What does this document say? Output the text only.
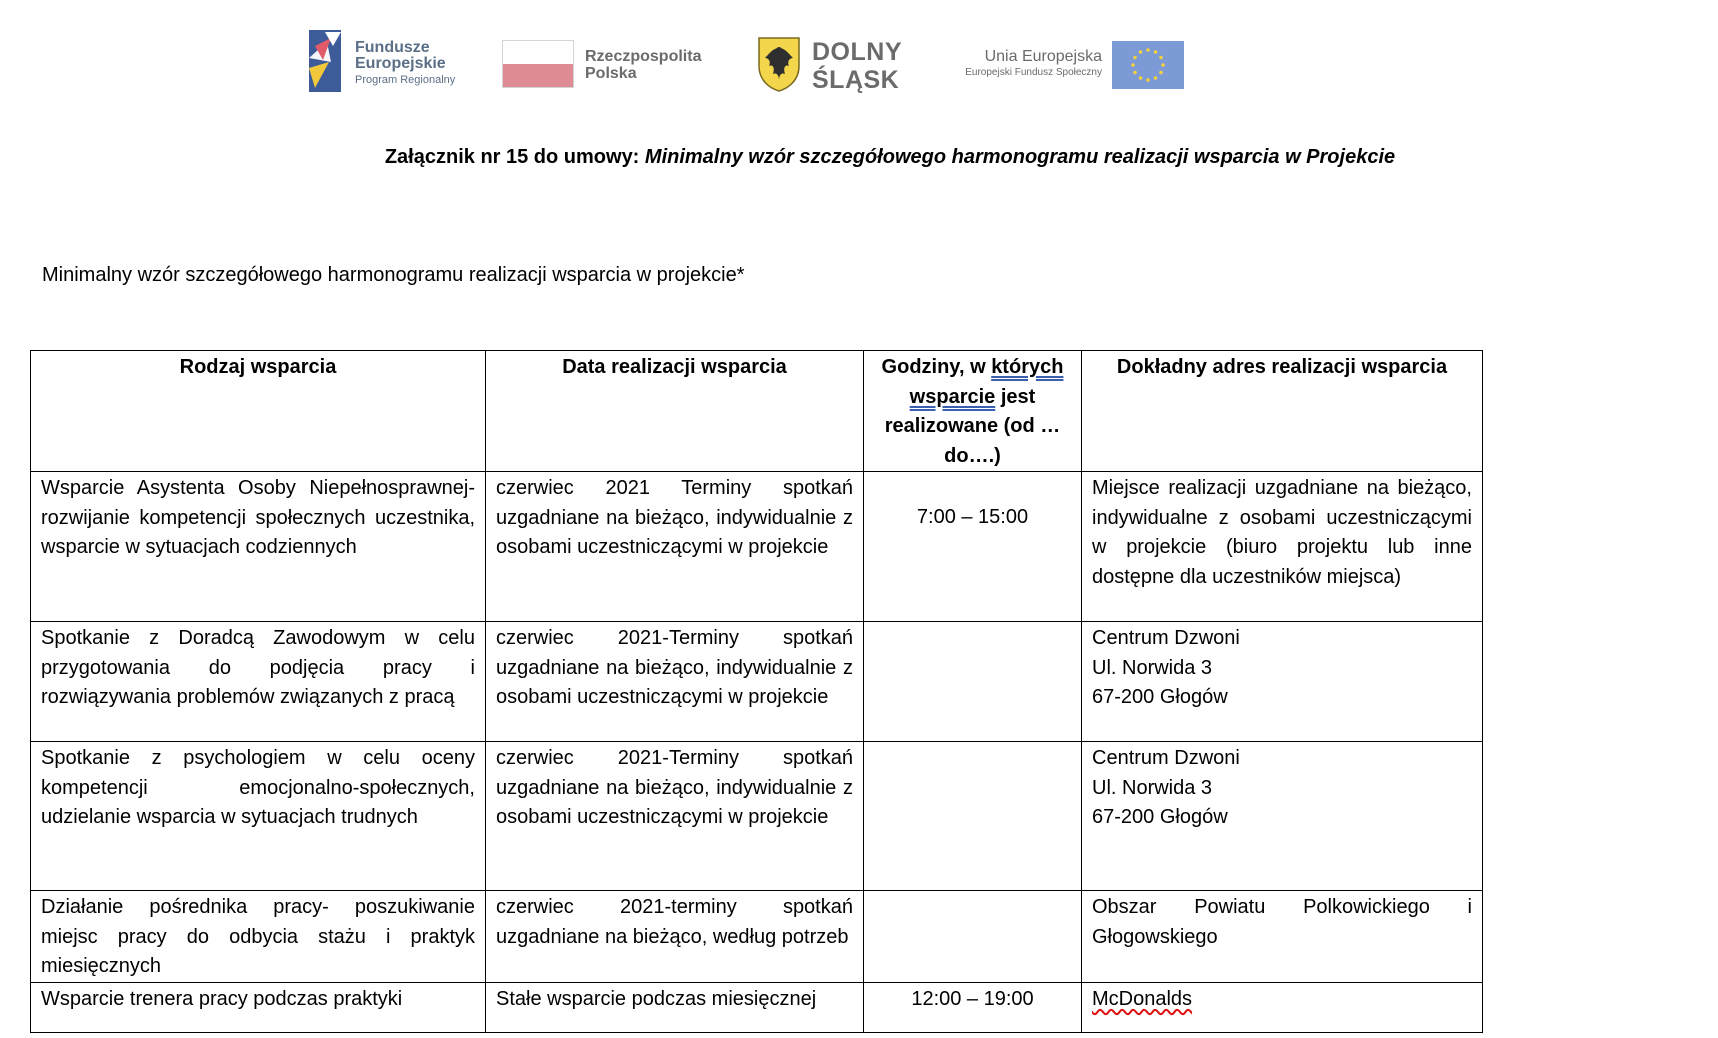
Fundusze
Europejskie
Program Regionalny
Rzeczpospolita
Polska
DOLNY
ŚLĄSK
Unia Europejska
Europejski Fundusz Społeczny
Załącznik nr 15 do umowy: Minimalny wzór szczegółowego harmonogramu realizacji wsparcia w Projekcie
Minimalny wzór szczegółowego harmonogramu realizacji wsparcia w projekcie*
Rodzaj wsparcia	Data realizacji wsparcia	Godziny, w których wsparcie jest realizowane (od … do….)	Dokładny adres realizacji wsparcia
Wsparcie Asystenta Osoby Niepełnosprawnej- rozwijanie kompetencji społecznych uczestnika, wsparcie w sytuacjach codziennych	czerwiec 2021 Terminy spotkań uzgadniane na bieżąco, indywidualnie z osobami uczestniczącymi w projekcie	7:00 – 15:00	Miejsce realizacji uzgadniane na bieżąco, indywidualne z osobami uczestniczącymi w projekcie (biuro projektu lub inne dostępne dla uczestników miejsca)
Spotkanie z Doradcą Zawodowym w celu przygotowania do podjęcia pracy i rozwiązywania problemów związanych z pracą	czerwiec 2021-Terminy spotkań uzgadniane na bieżąco, indywidualnie z osobami uczestniczącymi w projekcie		Centrum Dzwoni
Ul. Norwida 3
67-200 Głogów

Spotkanie z psychologiem w celu oceny kompetencji emocjonalno-społecznych, udzielanie wsparcia w sytuacjach trudnych	czerwiec 2021-Terminy spotkań uzgadniane na bieżąco, indywidualnie z osobami uczestniczącymi w projekcie		Centrum Dzwoni
Ul. Norwida 3
67-200 Głogów

Działanie pośrednika pracy- poszukiwanie miejsc pracy do odbycia stażu i praktyk miesięcznych	czerwiec 2021-terminy spotkań uzgadniane na bieżąco, według potrzeb		Obszar Powiatu Polkowickiego i Głogowskiego
Wsparcie trenera pracy podczas praktyki	Stałe wsparcie podczas miesięcznej	12:00 – 19:00	McDonalds
